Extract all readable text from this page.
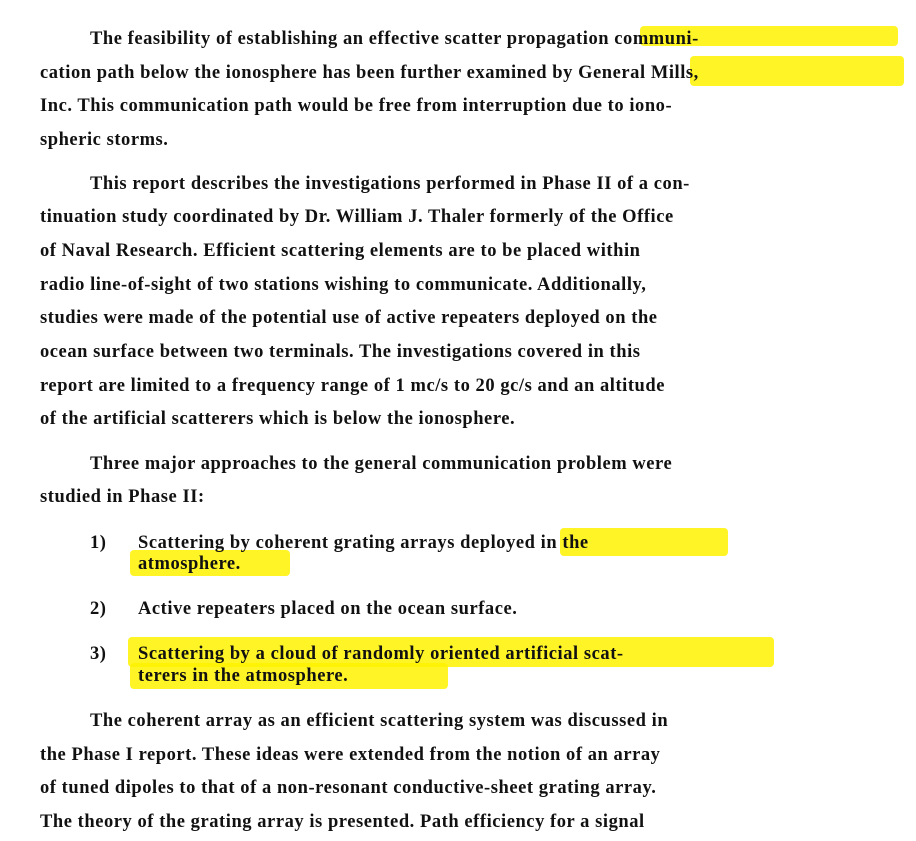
The feasibility of establishing an effective scatter propagation communi-
cation path below the ionosphere has been further examined by General Mills,
Inc. This communication path would be free from interruption due to iono-
spheric storms.
This report describes the investigations performed in Phase II of a con-
tinuation study coordinated by Dr. William J. Thaler formerly of the Office
of Naval Research. Efficient scattering elements are to be placed within
radio line-of-sight of two stations wishing to communicate. Additionally,
studies were made of the potential use of active repeaters deployed on the
ocean surface between two terminals. The investigations covered in this
report are limited to a frequency range of 1 mc/s to 20 gc/s and an altitude
of the artificial scatterers which is below the ionosphere.
Three major approaches to the general communication problem were
studied in Phase II:
1) Scattering by coherent grating arrays deployed in the
atmosphere.
2) Active repeaters placed on the ocean surface.
3) Scattering by a cloud of randomly oriented artificial scat-
terers in the atmosphere.
The coherent array as an efficient scattering system was discussed in
the Phase I report. These ideas were extended from the notion of an array
of tuned dipoles to that of a non-resonant conductive-sheet grating array.
The theory of the grating array is presented. Path efficiency for a signal
